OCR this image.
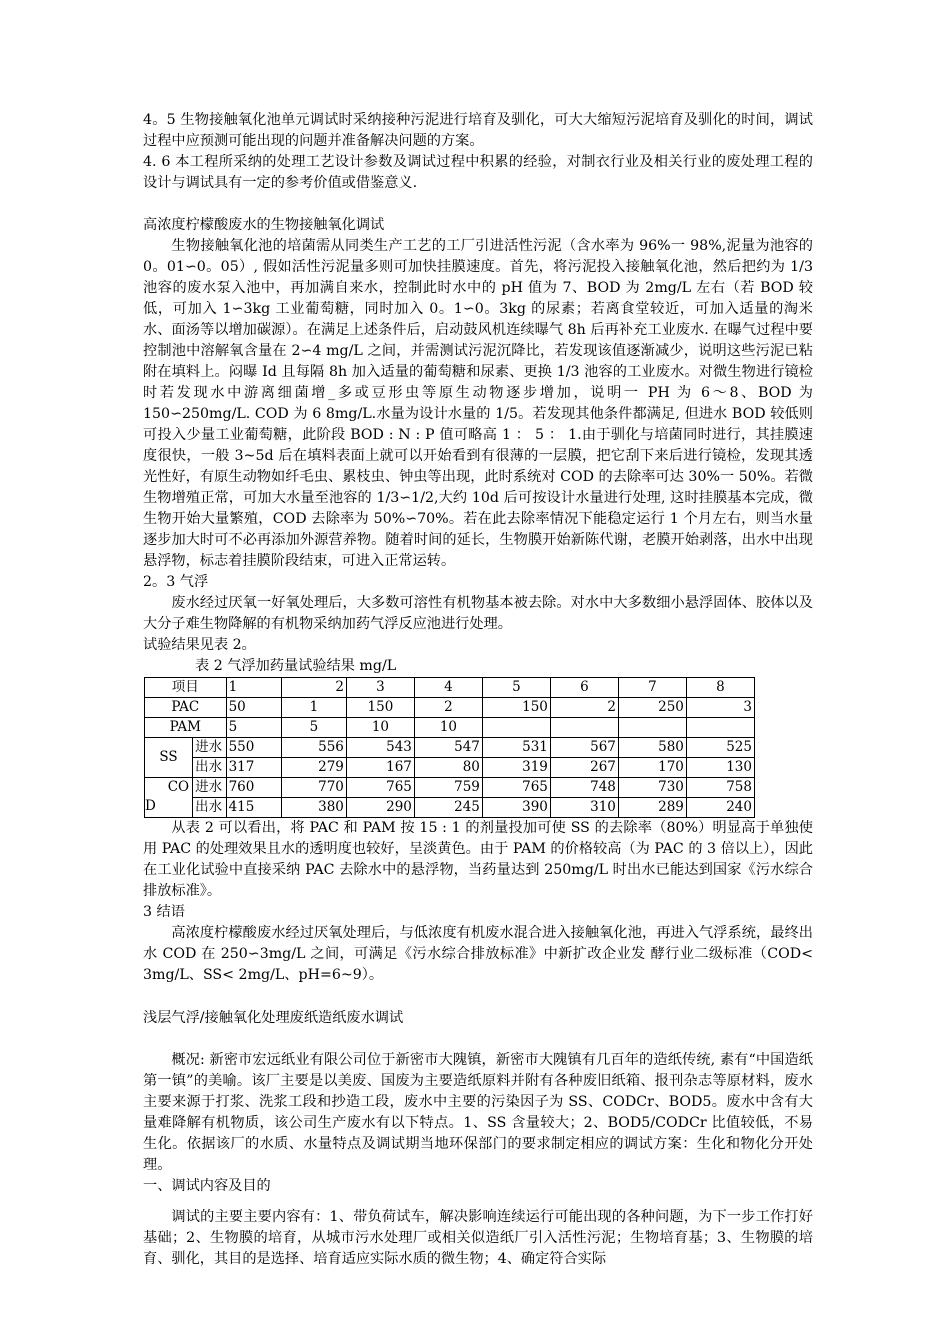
4。5 生物接触氧化池单元调试时采纳接种污泥进行培育及驯化，可大大缩短污泥培育及驯化的时间，调试过程中应预测可能出现的问题并准备解决问题的方案。

4. 6 本工程所采纳的处理工艺设计参数及调试过程中积累的经验，对制衣行业及相关行业的废处理工程的设计与调试具有一定的参考价值或借鉴意义.

高浓度柠檬酸废水的生物接触氧化调试

生物接触氧化池的培菌需从同类生产工艺的工厂引进活性污泥（含水率为 96%一 98%,泥量为池容的 0。01∽0。05）, 假如活性污泥量多则可加快挂膜速度。首先，将污泥投入接触氧化池，然后把约为 1/3 池容的废水泵入池中，再加满自来水，控制此时水中的 pH 值为 7、BOD 为 2mg/L 左右（若 BOD 较低，可加入 1∽3kg 工业葡萄糖，同时加入 0。1∽0。3kg 的尿素；若离食堂较近，可加入适量的淘米水、面汤等以增加碳源）。在满足上述条件后，启动鼓风机连续曝气 8h 后再补充工业废水. 在曝气过程中要控制池中溶解氧含量在 2∽4 mg/L 之间，并需测试污泥沉降比，若发现该值逐渐减少，说明这些污泥已粘附在填料上。闷曝 Id 且每隔 8h 加入适量的葡萄糖和尿素、更换 1/3 池容的工业废水。对微生物进行镜检时若发现水中游离细菌增_多或豆形虫等原生动物逐步增加，说明一 PH 为 6～8、BOD 为 150∽250mg/L. COD 为 6 8mg/L.水量为设计水量的 1/5。若发现其他条件都满足, 但进水 BOD 较低则可投入少量工业葡萄糖，此阶段 BOD : N : P 值可略高 1 ： 5 ： 1.由于驯化与培菌同时进行，其挂膜速度很快，一般 3~5d 后在填料表面上就可以开始看到有很薄的一层膜，把它刮下来后进行镜检，发现其透光性好，有原生动物如纤毛虫、累枝虫、钟虫等出现，此时系统对 COD 的去除率可达 30%一 50%。若微生物增殖正常，可加大水量至池容的 1/3∽1/2,大约 10d 后可按设计水量进行处理, 这时挂膜基本完成，微生物开始大量繁殖，COD 去除率为 50%∽70%。若在此去除率情况下能稳定运行 1 个月左右，则当水量逐步加大时可不必再添加外源营养物。随着时间的延长，生物膜开始新陈代谢，老膜开始剥落，出水中出现悬浮物，标志着挂膜阶段结束，可进入正常运转。

2。3 气浮

废水经过厌氧一好氧处理后，大多数可溶性有机物基本被去除。对水中大多数细小悬浮固体、胶体以及大分子难生物降解的有机物采纳加药气浮反应池进行处理。

试验结果见表 2。
表 2 气浮加药量试验结果 mg/L
项目		1	2	3	4	5	6	7	8
PAC		50	1	150	2	150	2	250	3
PAM		5	5	10	10				
SS	进水	550	556	543	547	531	567	580	525
	出水	317	279	167	80	319	267	170	130

CO
D	进水	760	770	765	759	765	748	730	758
	出水	415	380	290	245	390	310	289	240

从表 2 可以看出，将 PAC 和 PAM 按 15 : 1 的剂量投加可使 SS 的去除率（80%）明显高于单独使用 PAC 的处理效果且水的透明度也较好，呈淡黄色。由于 PAM 的价格较高（为 PAC 的 3 倍以上），因此在工业化试验中直接采纳 PAC 去除水中的悬浮物，当药量达到 250mg/L 时出水已能达到国家《污水综合排放标准》。

3 结语

高浓度柠檬酸废水经过厌氧处理后，与低浓度有机废水混合进入接触氧化池，再进入气浮系统，最终出水 COD 在 250∽3mg/L 之间，可满足《污水综合排放标准》中新扩改企业发 酵行业二级标准（COD< 3mg/L、SS< 2mg/L、pH=6~9）。

浅层气浮/接触氧化处理废纸造纸废水调试

概况: 新密市宏远纸业有限公司位于新密市大隗镇，新密市大隗镇有几百年的造纸传统, 素有“中国造纸第一镇”的美喻。该厂主要是以美废、国废为主要造纸原料并附有各种废旧纸箱、报刊杂志等原材料，废水主要来源于打浆、洗浆工段和抄造工段，废水中主要的污染因子为 SS、CODCr、BOD5。废水中含有大量难降解有机物质，该公司生产废水有以下特点。1、SS 含量较大；2、BOD5/CODCr 比值较低，不易生化。依据该厂的水质、水量特点及调试期当地环保部门的要求制定相应的调试方案：生化和物化分开处理。

一、调试内容及目的

调试的主要主要内容有：1、带负荷试车，解决影响连续运行可能出现的各种问题，为下一步工作打好基础；2、生物膜的培育，从城市污水处理厂或相关似造纸厂引入活性污泥；生物培育基；3、生物膜的培育、驯化，其目的是选择、培育适应实际水质的微生物；4、确定符合实际
